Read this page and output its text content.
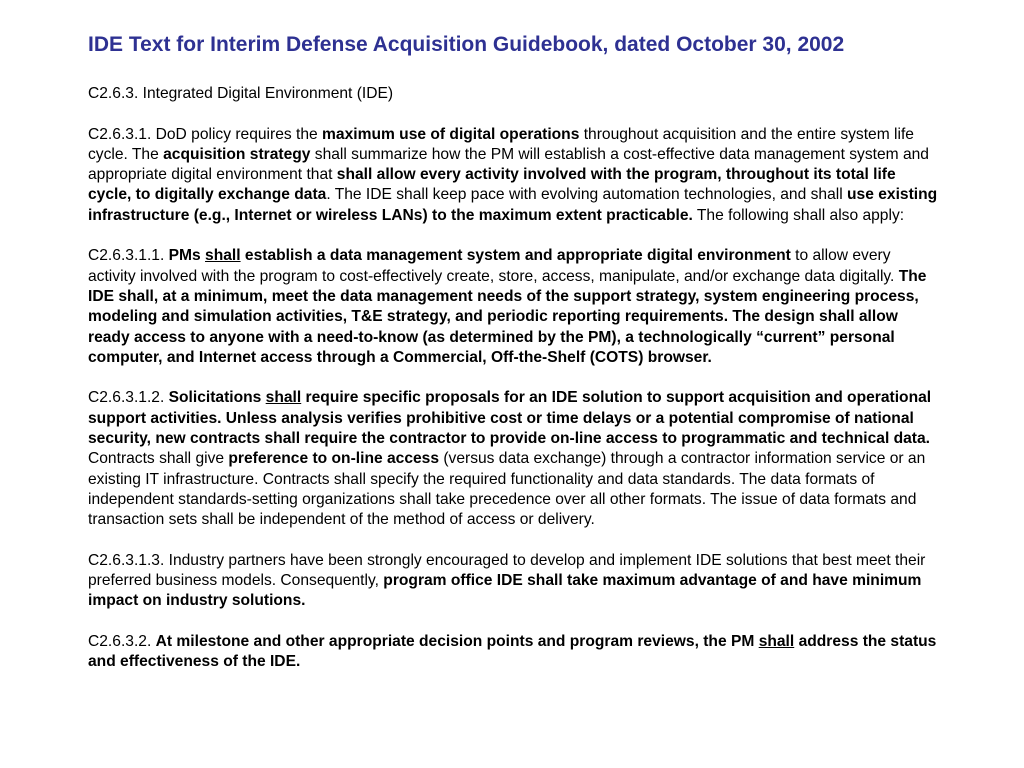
IDE Text for Interim Defense Acquisition Guidebook, dated October 30, 2002

C2.6.3. Integrated Digital Environment (IDE)

C2.6.3.1. DoD policy requires the maximum use of digital operations throughout acquisition and the entire system life cycle. The acquisition strategy shall summarize how the PM will establish a cost-effective data management system and appropriate digital environment that shall allow every activity involved with the program, throughout its total life cycle, to digitally exchange data. The IDE shall keep pace with evolving automation technologies, and shall use existing infrastructure (e.g., Internet or wireless LANs) to the maximum extent practicable. The following shall also apply:

C2.6.3.1.1. PMs shall establish a data management system and appropriate digital environment to allow every activity involved with the program to cost-effectively create, store, access, manipulate, and/or exchange data digitally. The IDE shall, at a minimum, meet the data management needs of the support strategy, system engineering process, modeling and simulation activities, T&E strategy, and periodic reporting requirements. The design shall allow ready access to anyone with a need-to-know (as determined by the PM), a technologically “current” personal computer, and Internet access through a Commercial, Off-the-Shelf (COTS) browser.

C2.6.3.1.2. Solicitations shall require specific proposals for an IDE solution to support acquisition and operational support activities. Unless analysis verifies prohibitive cost or time delays or a potential compromise of national security, new contracts shall require the contractor to provide on-line access to programmatic and technical data. Contracts shall give preference to on-line access (versus data exchange) through a contractor information service or an existing IT infrastructure. Contracts shall specify the required functionality and data standards. The data formats of independent standards-setting organizations shall take precedence over all other formats. The issue of data formats and transaction sets shall be independent of the method of access or delivery.

C2.6.3.1.3. Industry partners have been strongly encouraged to develop and implement IDE solutions that best meet their preferred business models. Consequently, program office IDE shall take maximum advantage of and have minimum impact on industry solutions.

C2.6.3.2. At milestone and other appropriate decision points and program reviews, the PM shall address the status and effectiveness of the IDE.
